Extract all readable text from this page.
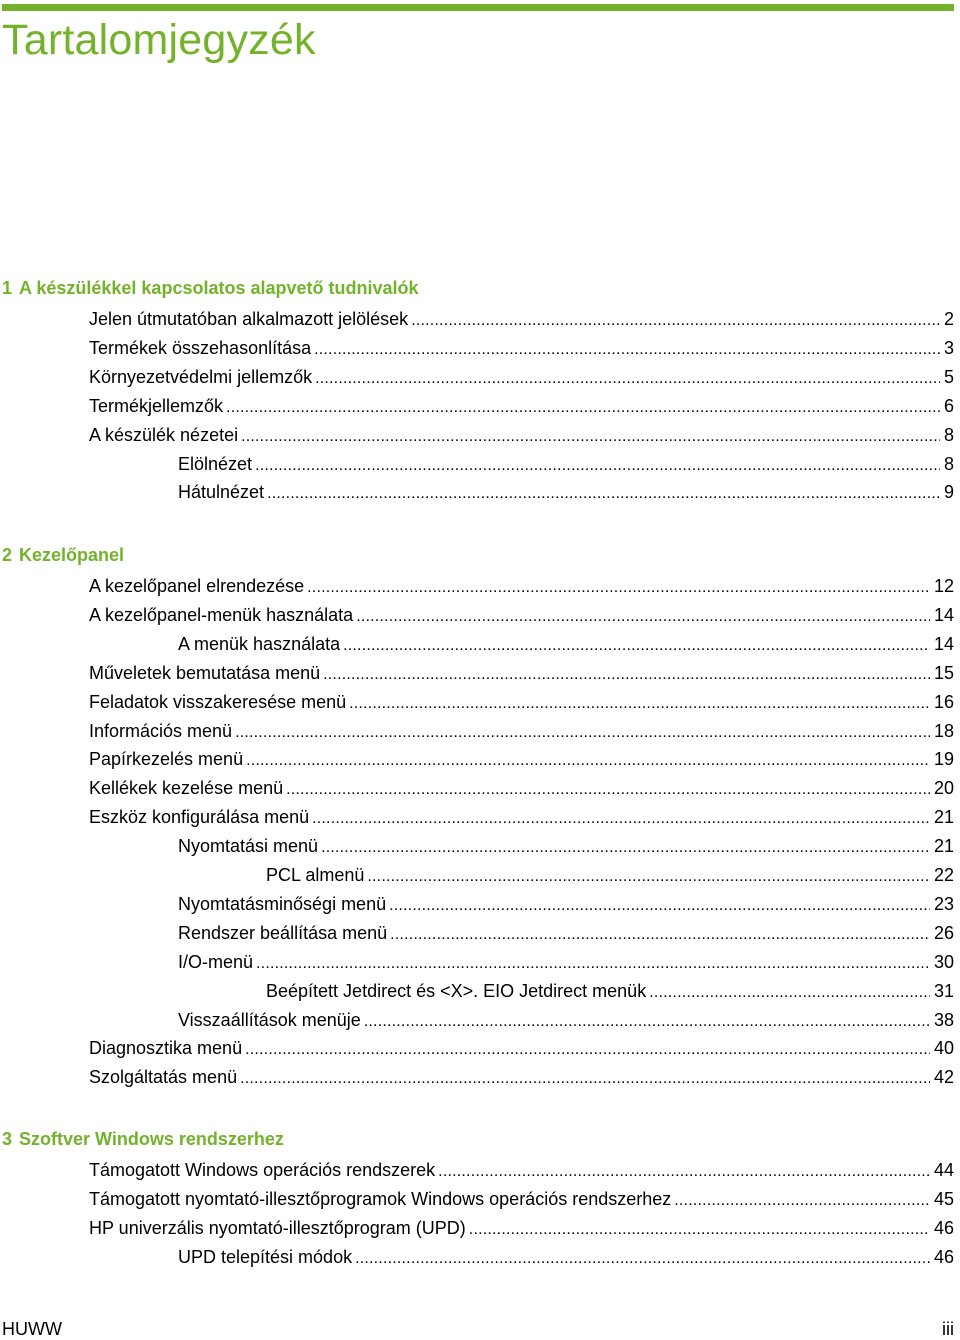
Tartalomjegyzék
1 A készülékkel kapcsolatos alapvető tudnivalók
Jelen útmutatóban alkalmazott jelölések .....	2
Termékek összehasonlítása .....	3
Környezetvédelmi jellemzők .....	5
Termékjellemzők .....	6
A készülék nézetei .....	8
Elölnézet .....	8
Hátulnézet .....	9
2 Kezelőpanel
A kezelőpanel elrendezése .....	12
A kezelőpanel-menük használata .....	14
A menük használata .....	14
Műveletek bemutatása menü .....	15
Feladatok visszakeresése menü .....	16
Információs menü .....	18
Papírkezelés menü .....	19
Kellékek kezelése menü .....	20
Eszköz konfigurálása menü .....	21
Nyomtatási menü .....	21
PCL almenü .....	22
Nyomtatásminőségi menü .....	23
Rendszer beállítása menü .....	26
I/O-menü .....	30
Beépített Jetdirect és <X>. EIO Jetdirect menük .....	31
Visszaállítások menüje .....	38
Diagnosztika menü .....	40
Szolgáltatás menü .....	42
3 Szoftver Windows rendszerhez
Támogatott Windows operációs rendszerek .....	44
Támogatott nyomtató-illesztőprogramok Windows operációs rendszerhez .....	45
HP univerzális nyomtató-illesztőprogram (UPD) .....	46
UPD telepítési módok .....	46
HUWW	iii
